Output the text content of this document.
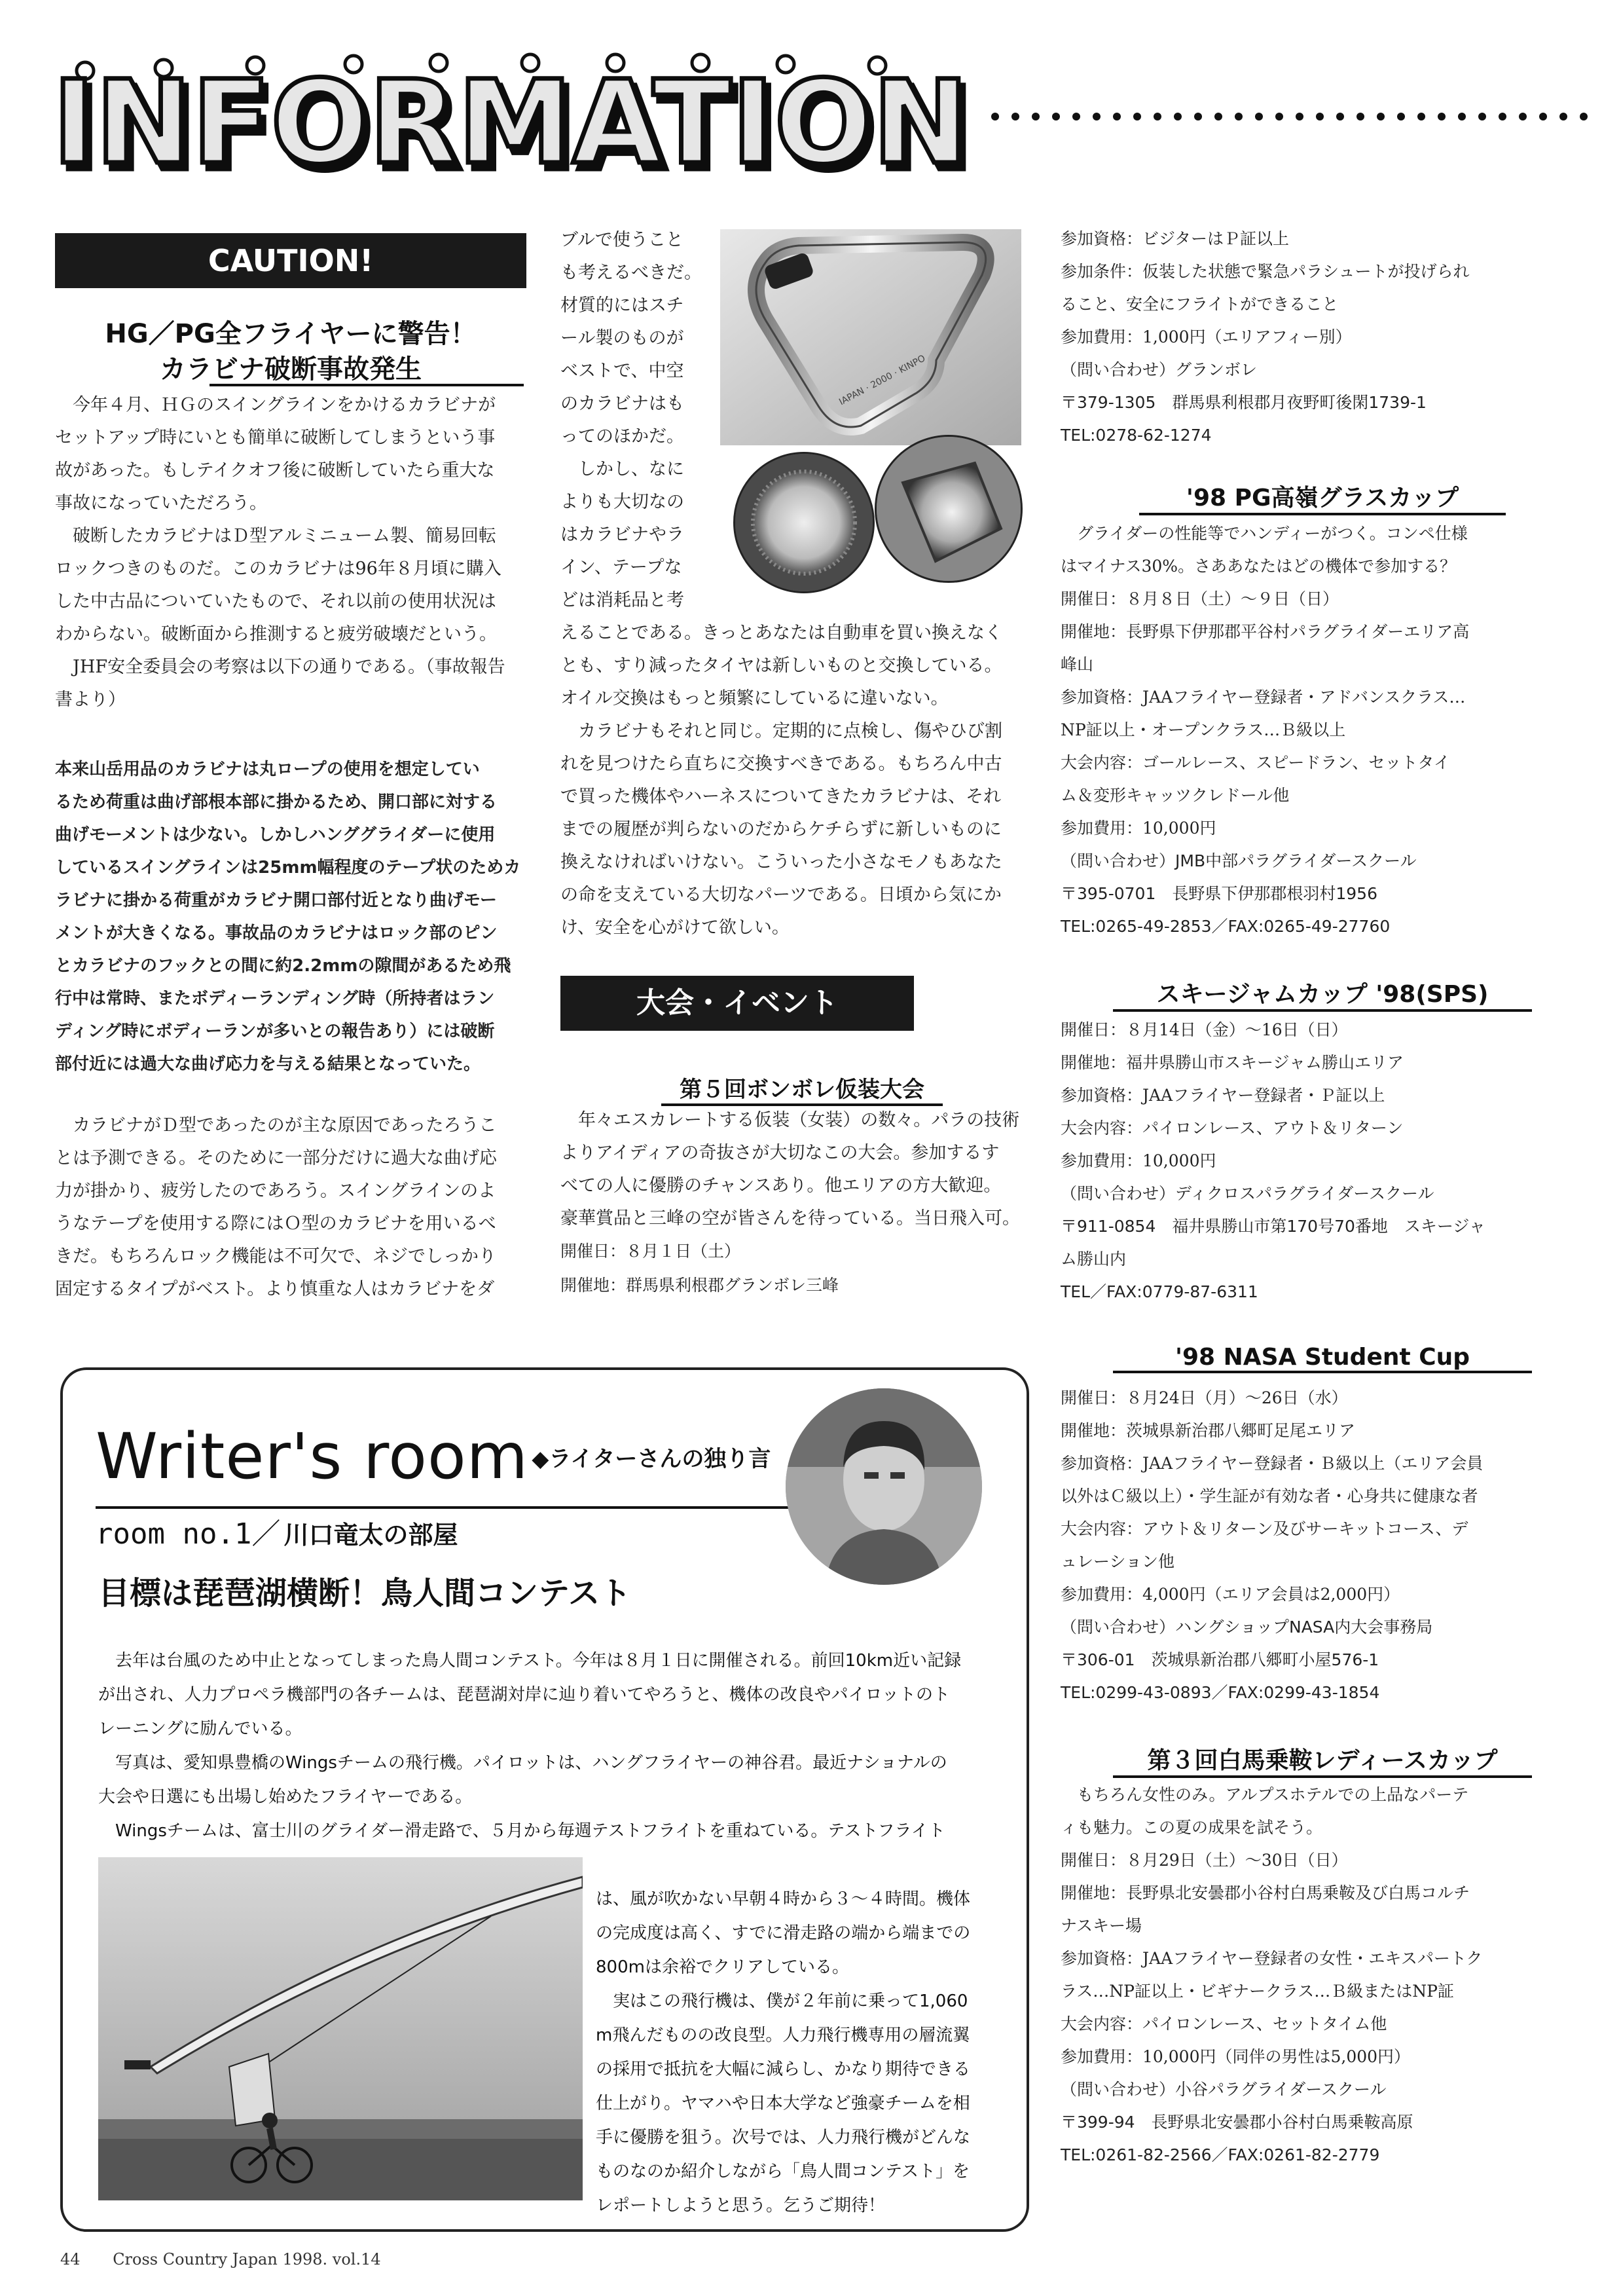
INFORMATION
CAUTION!
HG／PG全フライヤーに警告！
カラビナ破断事故発生
今年４月、ＨＧのスイングラインをかけるカラビナが
セットアップ時にいとも簡単に破断してしまうという事
故があった。もしテイクオフ後に破断していたら重大な
事故になっていただろう。
破断したカラビナはＤ型アルミニューム製、簡易回転
ロックつきのものだ。このカラビナは96年８月頃に購入
した中古品についていたもので、それ以前の使用状況は
わからない。破断面から推測すると疲労破壊だという。
JHF安全委員会の考察は以下の通りである。（事故報告
書より）
本来山岳用品のカラビナは丸ロープの使用を想定してい
るため荷重は曲げ部根本部に掛かるため、開口部に対する
曲げモーメントは少ない。しかしハンググライダーに使用
しているスイングラインは25mm幅程度のテープ状のためカ
ラビナに掛かる荷重がカラビナ開口部付近となり曲げモー
メントが大きくなる。事故品のカラビナはロック部のピン
とカラビナのフックとの間に約2.2mmの隙間があるため飛
行中は常時、またボディーランディング時（所持者はラン
ディング時にボディーランが多いとの報告あり）には破断
部付近には過大な曲げ応力を与える結果となっていた。
カラビナがＤ型であったのが主な原因であったろうこ
とは予測できる。そのために一部分だけに過大な曲げ応
力が掛かり、疲労したのであろう。スイングラインのよ
うなテープを使用する際にはＯ型のカラビナを用いるべ
きだ。もちろんロック機能は不可欠で、ネジでしっかり
固定するタイプがベスト。より慎重な人はカラビナをダ
ブルで使うこと
も考えるべきだ。
材質的にはスチ
ール製のものが
ベストで、中空
のカラビナはも
ってのほかだ。
　しかし、なに
よりも大切なの
はカラビナやラ
イン、テープな
どは消耗品と考
IAPAN · 2000 · KINPO
えることである。きっとあなたは自動車を買い換えなく
とも、すり減ったタイヤは新しいものと交換している。
オイル交換はもっと頻繁にしているに違いない。
カラビナもそれと同じ。定期的に点検し、傷やひび割
れを見つけたら直ちに交換すべきである。もちろん中古
で買った機体やハーネスについてきたカラビナは、それ
までの履歴が判らないのだからケチらずに新しいものに
換えなければいけない。こういった小さなモノもあなた
の命を支えている大切なパーツである。日頃から気にか
け、安全を心がけて欲しい。
大会・イベント
第５回ボンボレ仮装大会
年々エスカレートする仮装（女装）の数々。パラの技術
よりアイディアの奇抜さが大切なこの大会。参加するす
べての人に優勝のチャンスあり。他エリアの方大歓迎。
豪華賞品と三峰の空が皆さんを待っている。当日飛入可。
開催日：８月１日（土）
開催地：群馬県利根郡グランボレ三峰
参加資格：ビジターはＰ証以上
参加条件：仮装した状態で緊急パラシュートが投げられ
ること、安全にフライトができること
参加費用：1,000円（エリアフィー別）
（問い合わせ）グランボレ
〒379-1305　群馬県利根郡月夜野町後閑1739-1
TEL:0278-62-1274
'98 PG高嶺グラスカップ
グライダーの性能等でハンディーがつく。コンペ仕様
はマイナス30%。さああなたはどの機体で参加する？
開催日：８月８日（土）～９日（日）
開催地：長野県下伊那郡平谷村パラグライダーエリア高
峰山
参加資格：JAAフライヤー登録者・アドバンスクラス…
NP証以上・オープンクラス…Ｂ級以上
大会内容：ゴールレース、スピードラン、セットタイ
ム＆変形キャッツクレドール他
参加費用：10,000円
（問い合わせ）JMB中部パラグライダースクール
〒395-0701　長野県下伊那郡根羽村1956
TEL:0265-49-2853／FAX:0265-49-27760
スキージャムカップ '98(SPS)
開催日：８月14日（金）～16日（日）
開催地：福井県勝山市スキージャム勝山エリア
参加資格：JAAフライヤー登録者・Ｐ証以上
大会内容：パイロンレース、アウト＆リターン
参加費用：10,000円
（問い合わせ）ディクロスパラグライダースクール
〒911-0854　福井県勝山市第170号70番地　スキージャ
ム勝山内
TEL／FAX:0779-87-6311
'98 NASA Student Cup
開催日：８月24日（月）～26日（水）
開催地：茨城県新治郡八郷町足尾エリア
参加資格：JAAフライヤー登録者・Ｂ級以上（エリア会員
以外はＣ級以上）・学生証が有効な者・心身共に健康な者
大会内容：アウト＆リターン及びサーキットコース、デ
ュレーション他
参加費用：4,000円（エリア会員は2,000円）
（問い合わせ）ハングショップNASA内大会事務局
〒306-01　茨城県新治郡八郷町小屋576-1
TEL:0299-43-0893／FAX:0299-43-1854
第３回白馬乗鞍レディースカップ
もちろん女性のみ。アルプスホテルでの上品なパーテ
ィも魅力。この夏の成果を試そう。
開催日：８月29日（土）～30日（日）
開催地：長野県北安曇郡小谷村白馬乗鞍及び白馬コルチ
ナスキー場
参加資格：JAAフライヤー登録者の女性・エキスパートク
ラス…NP証以上・ビギナークラス…Ｂ級またはNP証
大会内容：パイロンレース、セットタイム他
参加費用：10,000円（同伴の男性は5,000円）
（問い合わせ）小谷パラグライダースクール
〒399-94　長野県北安曇郡小谷村白馬乗鞍高原
TEL:0261-82-2566／FAX:0261-82-2779
Writer's room ◆ライターさんの独り言
room no.1／ 川口竜太の部屋
目標は琵琶湖横断！鳥人間コンテスト
去年は台風のため中止となってしまった鳥人間コンテスト。今年は８月１日に開催される。前回10km近い記録
が出され、人力プロペラ機部門の各チームは、琵琶湖対岸に辿り着いてやろうと、機体の改良やパイロットのト
レーニングに励んでいる。
写真は、愛知県豊橋のWingsチームの飛行機。パイロットは、ハングフライヤーの神谷君。最近ナショナルの
大会や日選にも出場し始めたフライヤーである。
Wingsチームは、富士川のグライダー滑走路で、５月から毎週テストフライトを重ねている。テストフライト
は、風が吹かない早朝４時から３～４時間。機体
の完成度は高く、すでに滑走路の端から端までの
800mは余裕でクリアしている。
実はこの飛行機は、僕が２年前に乗って1,060
m飛んだものの改良型。人力飛行機専用の層流翼
の採用で抵抗を大幅に減らし、かなり期待できる
仕上がり。ヤマハや日本大学など強豪チームを相
手に優勝を狙う。次号では、人力飛行機がどんな
ものなのか紹介しながら「鳥人間コンテスト」を
レポートしようと思う。乞うご期待！
44 Cross Country Japan 1998. vol.14
